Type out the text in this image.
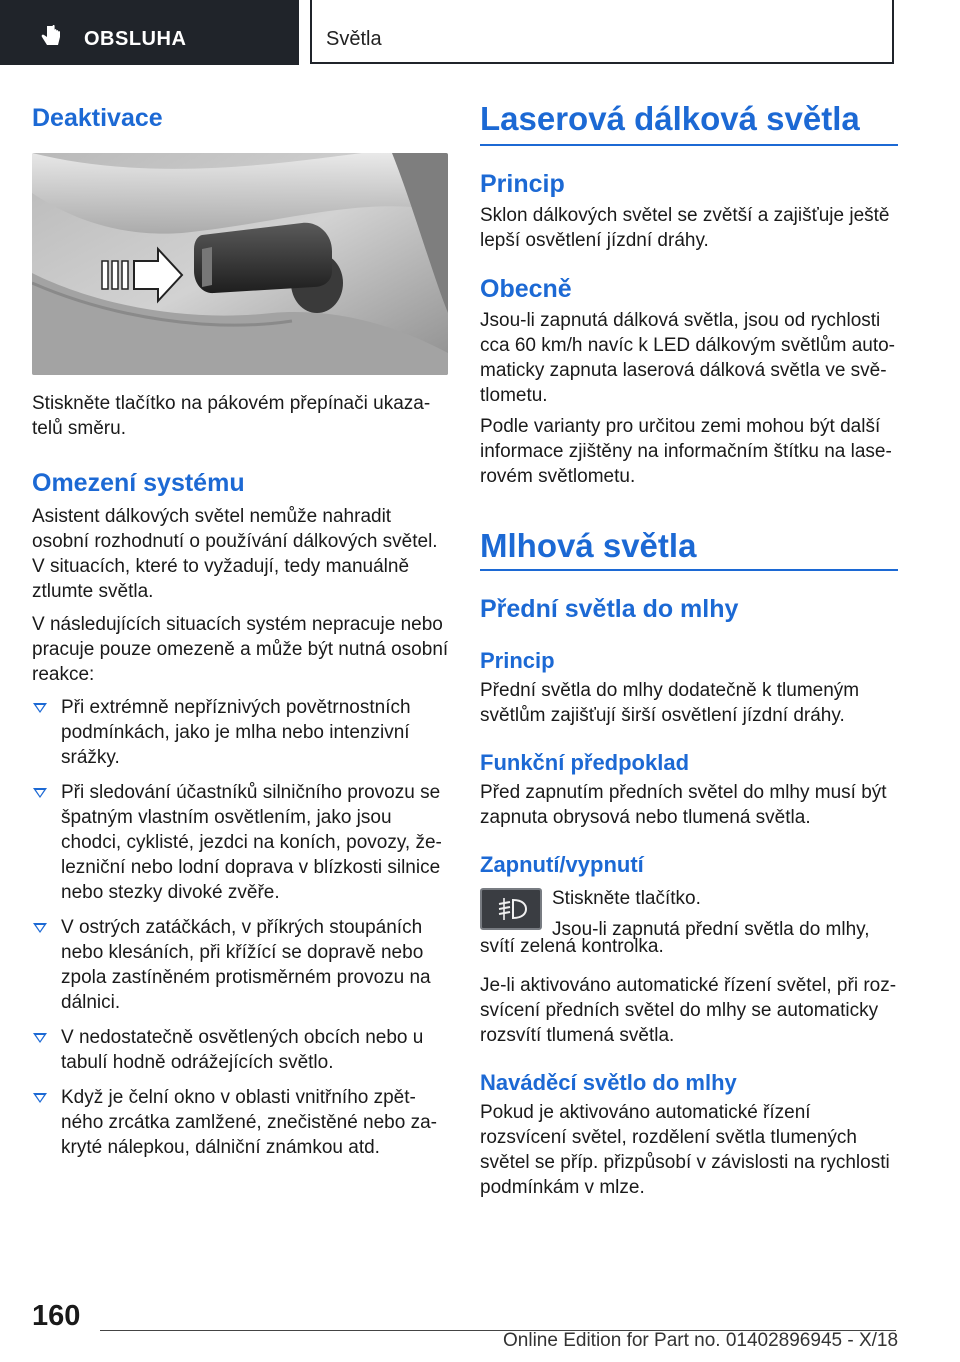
OBSLUHA	Světla
Deaktivace

Stiskněte tlačítko na pákovém přepínači ukaza-telů směru.

Omezení systému

Asistent dálkových světel nemůže nahradit osobní rozhodnutí o používání dálkových světel. V situacích, které to vyžadují, tedy manuálně ztlumte světla.

V následujících situacích systém nepracuje nebo pracuje pouze omezeně a může být nutná osobní reakce:

Při extrémně nepříznivých povětrnostních podmínkách, jako je mlha nebo intenzivní srážky.
Při sledování účastníků silničního provozu se špatným vlastním osvětlením, jako jsou chodci, cyklisté, jezdci na koních, povozy, že-lezniční nebo lodní doprava v blízkosti silnice nebo stezky divoké zvěře.
V ostrých zatáčkách, v příkrých stoupáních nebo klesáních, při křížící se dopravě nebo zpola zastíněném protisměrném provozu na dálnici.
V nedostatečně osvětlených obcích nebo u tabulí hodně odrážejících světlo.
Když je čelní okno v oblasti vnitřního zpět-ného zrcátka zamlžené, znečistěné nebo za-kryté nálepkou, dálniční známkou atd.
Laserová dálková světla
Princip

Sklon dálkových světel se zvětší a zajišťuje ještě lepší osvětlení jízdní dráhy.

Obecně

Jsou-li zapnutá dálková světla, jsou od rychlosti cca 60 km/h navíc k LED dálkovým světlům auto-maticky zapnuta laserová dálková světla ve svě-tlometu.

Podle varianty pro určitou zemi mohou být další informace zjištěny na informačním štítku na lase-rovém světlometu.

Mlhová světla
Přední světla do mlhy
Princip

Přední světla do mlhy dodatečně k tlumeným světlům zajišťují širší osvětlení jízdní dráhy.

Funkční předpoklad

Před zapnutím předních světel do mlhy musí být zapnuta obrysová nebo tlumená světla.

Zapnutí/vypnutí

Stiskněte tlačítko.

Jsou-li zapnutá přední světla do mlhy,

svítí zelená kontrolka.

Je-li aktivováno automatické řízení světel, při roz-svícení předních světel do mlhy se automaticky rozsvítí tlumená světla.

Naváděcí světlo do mlhy

Pokud je aktivováno automatické řízení rozsvícení světel, rozdělení světla tlumených světel se příp. přizpůsobí v závislosti na rychlosti podmínkám v mlze.

160
Online Edition for Part no. 01402896945 - X/18
